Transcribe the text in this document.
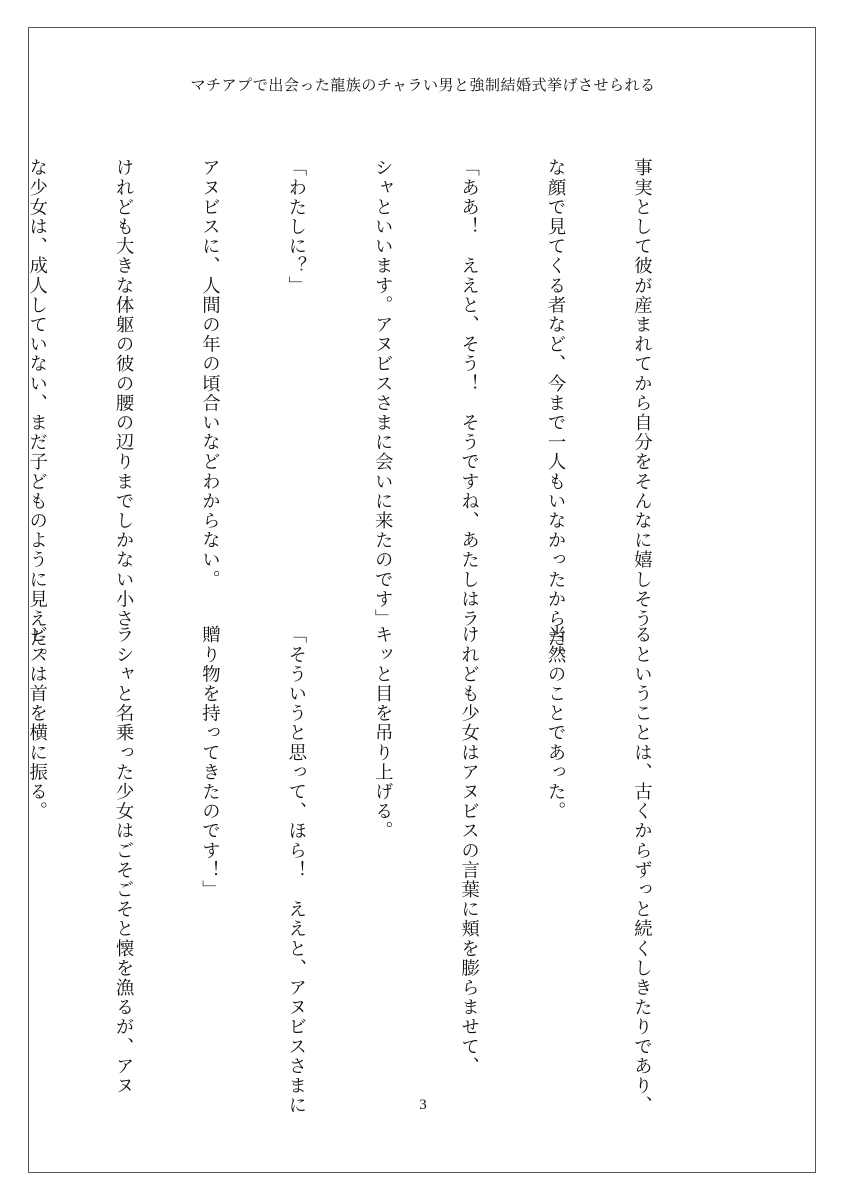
マチアプで出会った龍族のチャラい男と強制結婚式挙げさせられる

事実として彼が産まれてから自分をそんなに嬉しそう

な顔で見てくる者など、今まで一人もいなかったからだ。

「ああ！　ええと、そう！　そうですね、あたしはラ

シャといいます。アヌビスさまに会いに来たのです」

「わたしに？」

アヌビスに、人間の年の頃合いなどわからない。

けれども大きな体躯の彼の腰の辺りまでしかない小さ

な少女は、成人していない、まだ子どものように見えた。

るということは、古くからずっと続くしきたりであり、

当然のことであった。

けれども少女はアヌビスの言葉に頬を膨らませて、

キッと目を吊り上げる。

「そういうと思って、ほら！　ええと、アヌビスさまに

贈り物を持ってきたのです！」

ラシャと名乗った少女はごそごそと懐を漁るが、アヌ

ビスは首を横に振る。

3
